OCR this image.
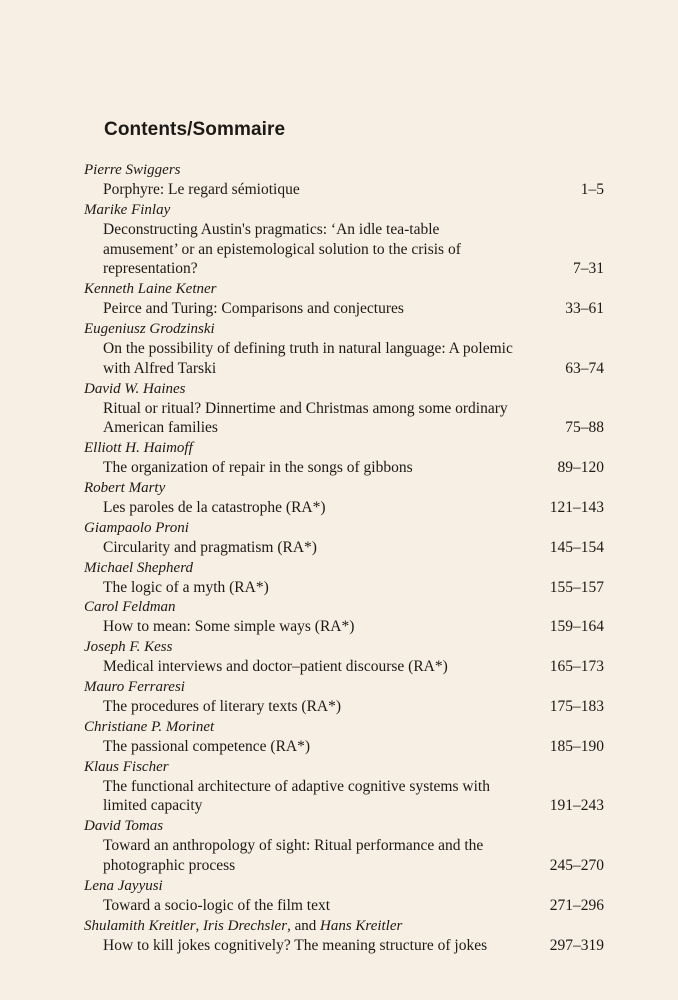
Contents/Sommaire
Pierre Swiggers
Porphyre: Le regard sémiotique	1–5
Marike Finlay
Deconstructing Austin's pragmatics: ‘An idle tea-table amusement’ or an epistemological solution to the crisis of representation?	7–31
Kenneth Laine Ketner
Peirce and Turing: Comparisons and conjectures	33–61
Eugeniusz Grodzinski
On the possibility of defining truth in natural language: A polemic with Alfred Tarski	63–74
David W. Haines
Ritual or ritual? Dinnertime and Christmas among some ordinary American families	75–88
Elliott H. Haimoff
The organization of repair in the songs of gibbons	89–120
Robert Marty
Les paroles de la catastrophe (RA*)	121–143
Giampaolo Proni
Circularity and pragmatism (RA*)	145–154
Michael Shepherd
The logic of a myth (RA*)	155–157
Carol Feldman
How to mean: Some simple ways (RA*)	159–164
Joseph F. Kess
Medical interviews and doctor–patient discourse (RA*)	165–173
Mauro Ferraresi
The procedures of literary texts (RA*)	175–183
Christiane P. Morinet
The passional competence (RA*)	185–190
Klaus Fischer
The functional architecture of adaptive cognitive systems with limited capacity	191–243
David Tomas
Toward an anthropology of sight: Ritual performance and the photographic process	245–270
Lena Jayyusi
Toward a socio-logic of the film text	271–296
Shulamith Kreitler, Iris Drechsler, and Hans Kreitler
How to kill jokes cognitively? The meaning structure of jokes	297–319
